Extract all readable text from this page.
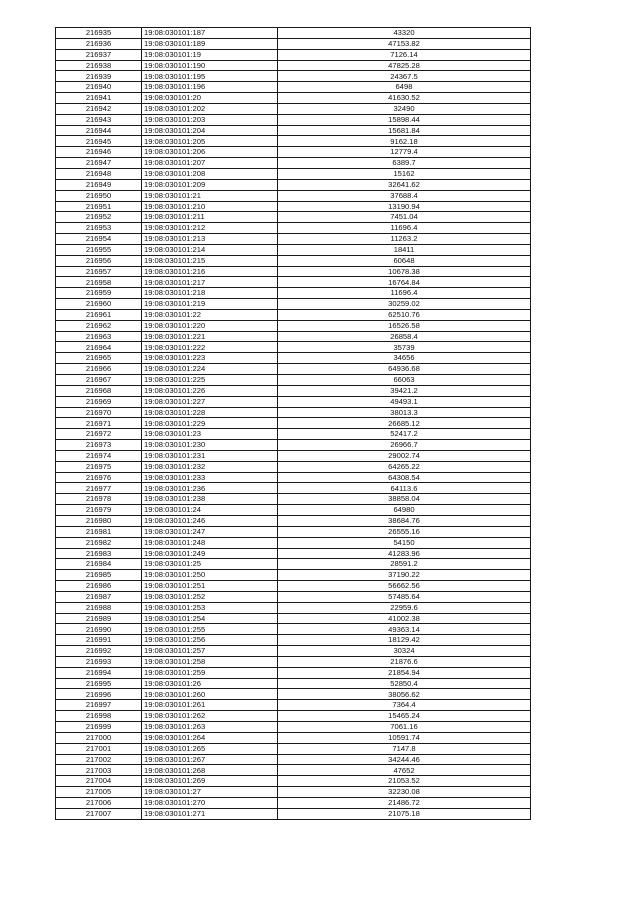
216935	19:08:030101:187	43320
216936	19:08:030101:189	47153.82
216937	19:08:030101:19	7126.14
216938	19:08:030101:190	47825.28
216939	19:08:030101:195	24367.5
216940	19:08:030101:196	6498
216941	19:08:030101:20	41630.52
216942	19:08:030101:202	32490
216943	19:08:030101:203	15898.44
216944	19:08:030101:204	15681.84
216945	19:08:030101:205	9162.18
216946	19:08:030101:206	12779.4
216947	19:08:030101:207	6389.7
216948	19:08:030101:208	15162
216949	19:08:030101:209	32641.62
216950	19:08:030101:21	37688.4
216951	19:08:030101:210	13190.94
216952	19:08:030101:211	7451.04
216953	19:08:030101:212	11696.4
216954	19:08:030101:213	11263.2
216955	19:08:030101:214	18411
216956	19:08:030101:215	60648
216957	19:08:030101:216	10678.38
216958	19:08:030101:217	16764.84
216959	19:08:030101:218	11696.4
216960	19:08:030101:219	30259.02
216961	19:08:030101:22	62510.76
216962	19:08:030101:220	16526.58
216963	19:08:030101:221	26858.4
216964	19:08:030101:222	35739
216965	19:08:030101:223	34656
216966	19:08:030101:224	64936.68
216967	19:08:030101:225	66063
216968	19:08:030101:226	39421.2
216969	19:08:030101:227	49493.1
216970	19:08:030101:228	38013.3
216971	19:08:030101:229	26685.12
216972	19:08:030101:23	52417.2
216973	19:08:030101:230	26966.7
216974	19:08:030101:231	29002.74
216975	19:08:030101:232	64265.22
216976	19:08:030101:233	64308.54
216977	19:08:030101:236	64113.6
216978	19:08:030101:238	38858.04
216979	19:08:030101:24	64980
216980	19:08:030101:246	38684.76
216981	19:08:030101:247	26555.16
216982	19:08:030101:248	54150
216983	19:08:030101:249	41283.96
216984	19:08:030101:25	28591.2
216985	19:08:030101:250	37190.22
216986	19:08:030101:251	56662.56
216987	19:08:030101:252	57485.64
216988	19:08:030101:253	22959.6
216989	19:08:030101:254	41002.38
216990	19:08:030101:255	49363.14
216991	19:08:030101:256	18129.42
216992	19:08:030101:257	30324
216993	19:08:030101:258	21876.6
216994	19:08:030101:259	21854.94
216995	19:08:030101:26	52850.4
216996	19:08:030101:260	38056.62
216997	19:08:030101:261	7364.4
216998	19:08:030101:262	15465.24
216999	19:08:030101:263	7061.16
217000	19:08:030101:264	10591.74
217001	19:08:030101:265	7147.8
217002	19:08:030101:267	34244.46
217003	19:08:030101:268	47652
217004	19:08:030101:269	21053.52
217005	19:08:030101:27	32230.08
217006	19:08:030101:270	21486.72
217007	19:08:030101:271	21075.18
